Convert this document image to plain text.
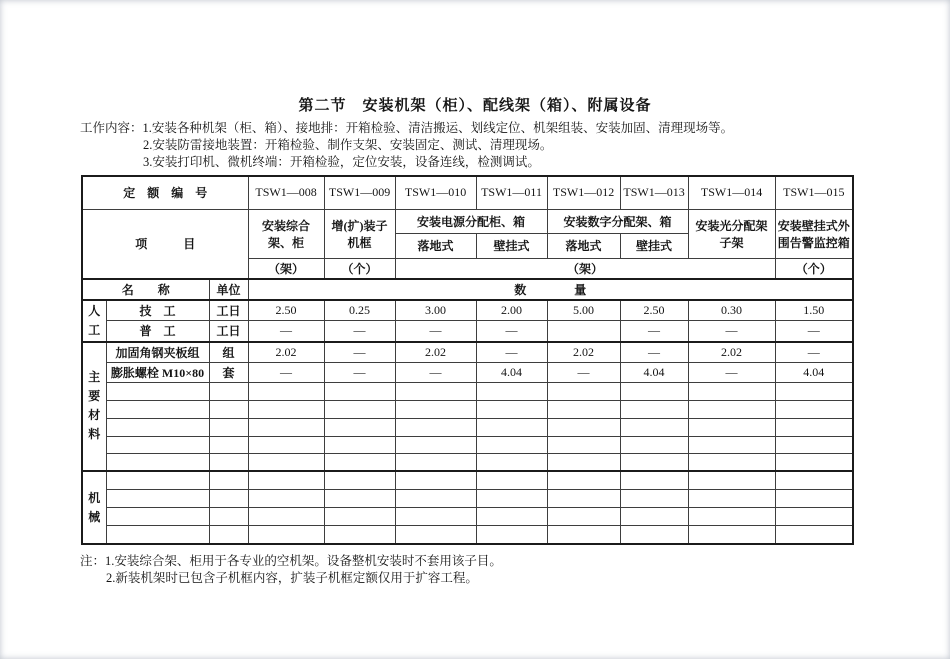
第二节　安装机架（柜）、配线架（箱）、附属设备
工作内容：1.安装各种机架（柜、箱）、接地排：开箱检验、清洁搬运、划线定位、机架组装、安装加固、清理现场等。
2.安装防雷接地装置：开箱检验、制作支架、安装固定、测试、清理现场。
3.安装打印机、微机终端：开箱检验，定位安装，设备连线，检测调试。
定　额　编　号			TSW1—008	TSW1—009	TSW1—010	TSW1—011	TSW1—012	TSW1—013	TSW1—014	TSW1—015
项　　　目			安装综合架、柜	增(扩)装子机框	安装电源分配柜、箱		安装数字分配架、箱		安装光分配架子架	安装壁挂式外围告警监控箱
					落地式	壁挂式	落地式	壁挂式		
			（架）	（个）	（架）					（个）
名　　称		单位	数　　　　量							
人工	技　工	工日	2.50	0.25	3.00	2.00	5.00	2.50	0.30	1.50
	普　工	工日	—	—	—	—		—	—	—
主要材料	加固角钢夹板组	组	2.02	—	2.02	—	2.02	—	2.02	—
	膨胀螺栓 M10×80	套	—	—	—	4.04	—	4.04	—	4.04

机械										

注：1.安装综合架、柜用于各专业的空机架。设备整机安装时不套用该子目。
2.新装机架时已包含子机框内容，扩装子机框定额仅用于扩容工程。
